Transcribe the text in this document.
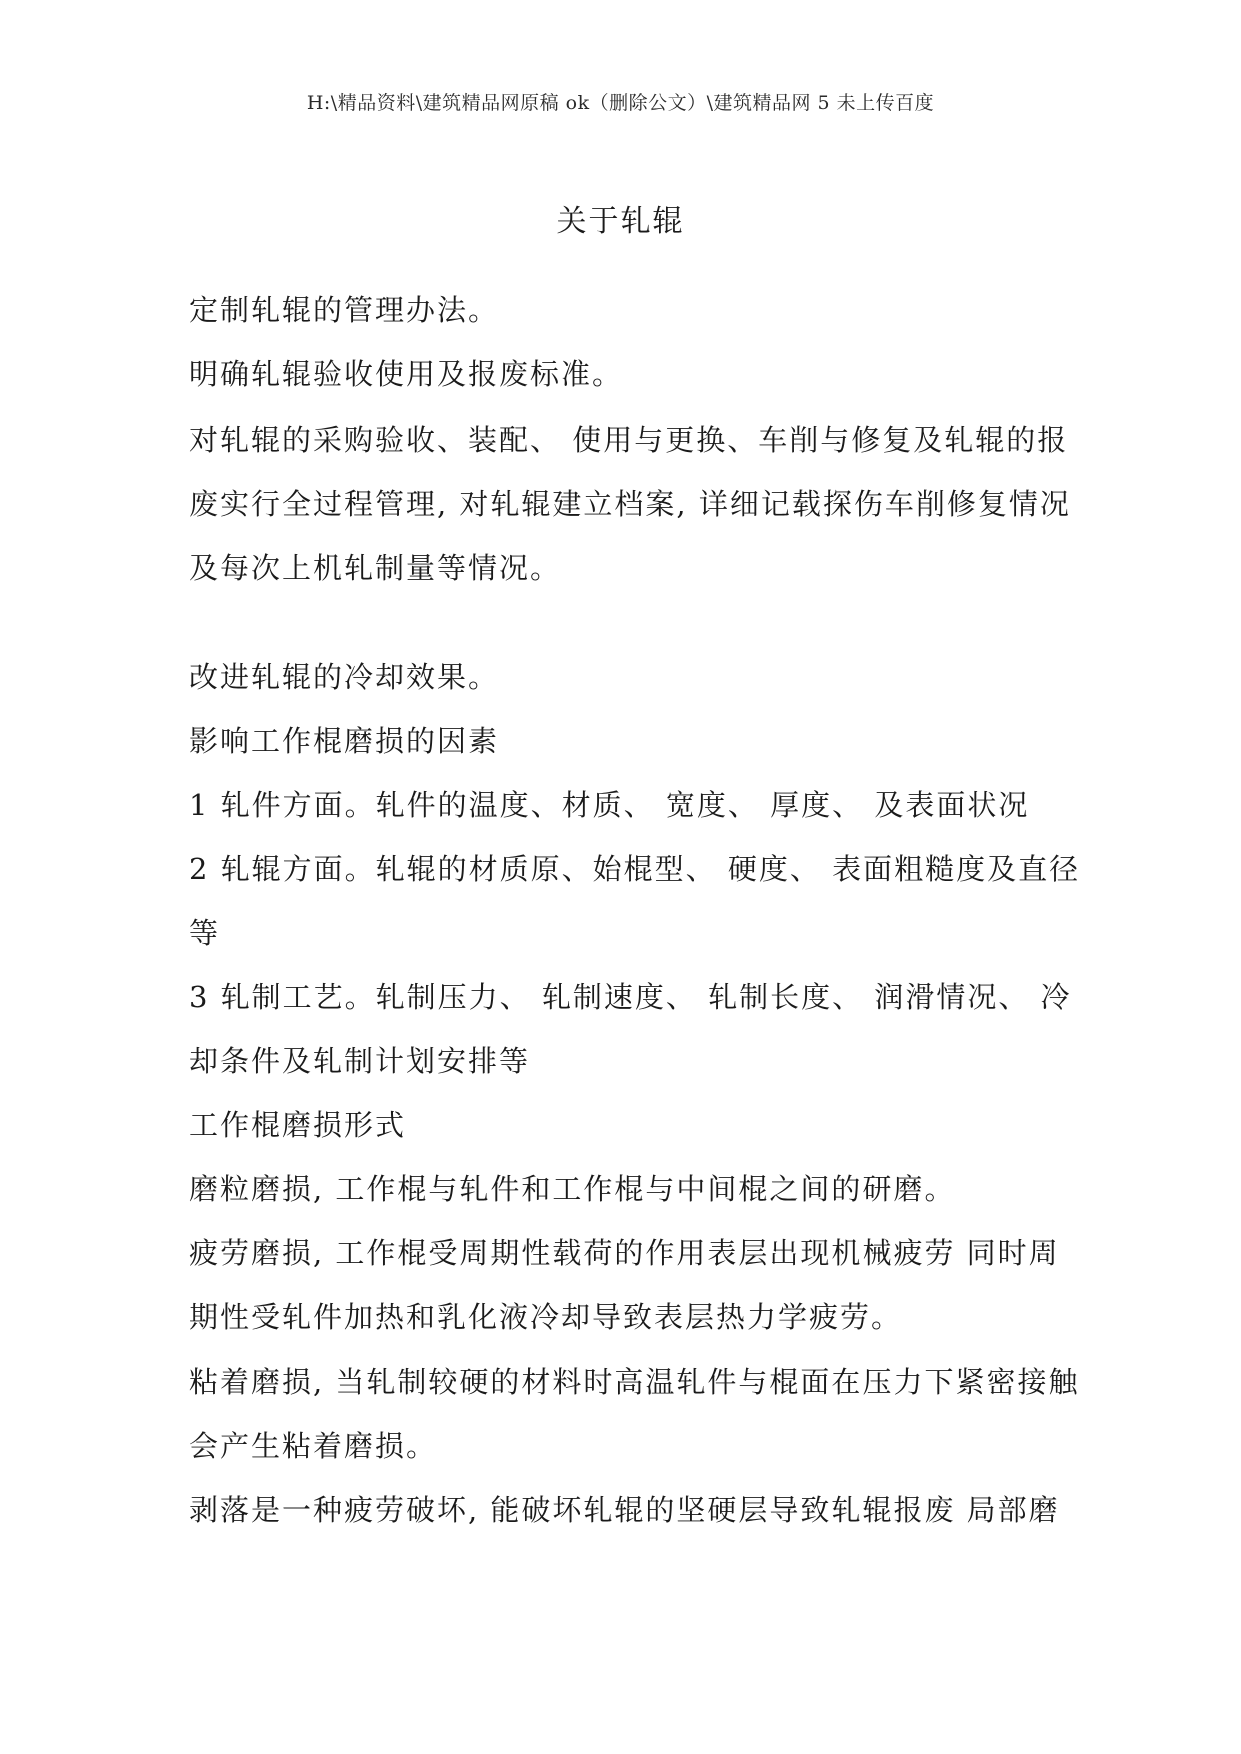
H:\精品资料\建筑精品网原稿 ok（删除公文）\建筑精品网 5 未上传百度
关于轧辊
定制轧辊的管理办法。
明确轧辊验收使用及报废标准。
对轧辊的采购验收、装配、 使用与更换、车削与修复及轧辊的报
废实行全过程管理, 对轧辊建立档案, 详细记载探伤车削修复情况
及每次上机轧制量等情况。
改进轧辊的冷却效果。
影响工作棍磨损的因素
1 轧件方面。轧件的温度、材质、 宽度、 厚度、 及表面状况
2 轧辊方面。轧辊的材质原、始棍型、 硬度、 表面粗糙度及直径
等
3 轧制工艺。轧制压力、 轧制速度、 轧制长度、 润滑情况、 冷
却条件及轧制计划安排等
工作棍磨损形式
磨粒磨损, 工作棍与轧件和工作棍与中间棍之间的研磨。
疲劳磨损, 工作棍受周期性载荷的作用表层出现机械疲劳 同时周
期性受轧件加热和乳化液冷却导致表层热力学疲劳。
粘着磨损, 当轧制较硬的材料时高温轧件与棍面在压力下紧密接触
会产生粘着磨损。
剥落是一种疲劳破坏, 能破坏轧辊的坚硬层导致轧辊报废 局部磨
